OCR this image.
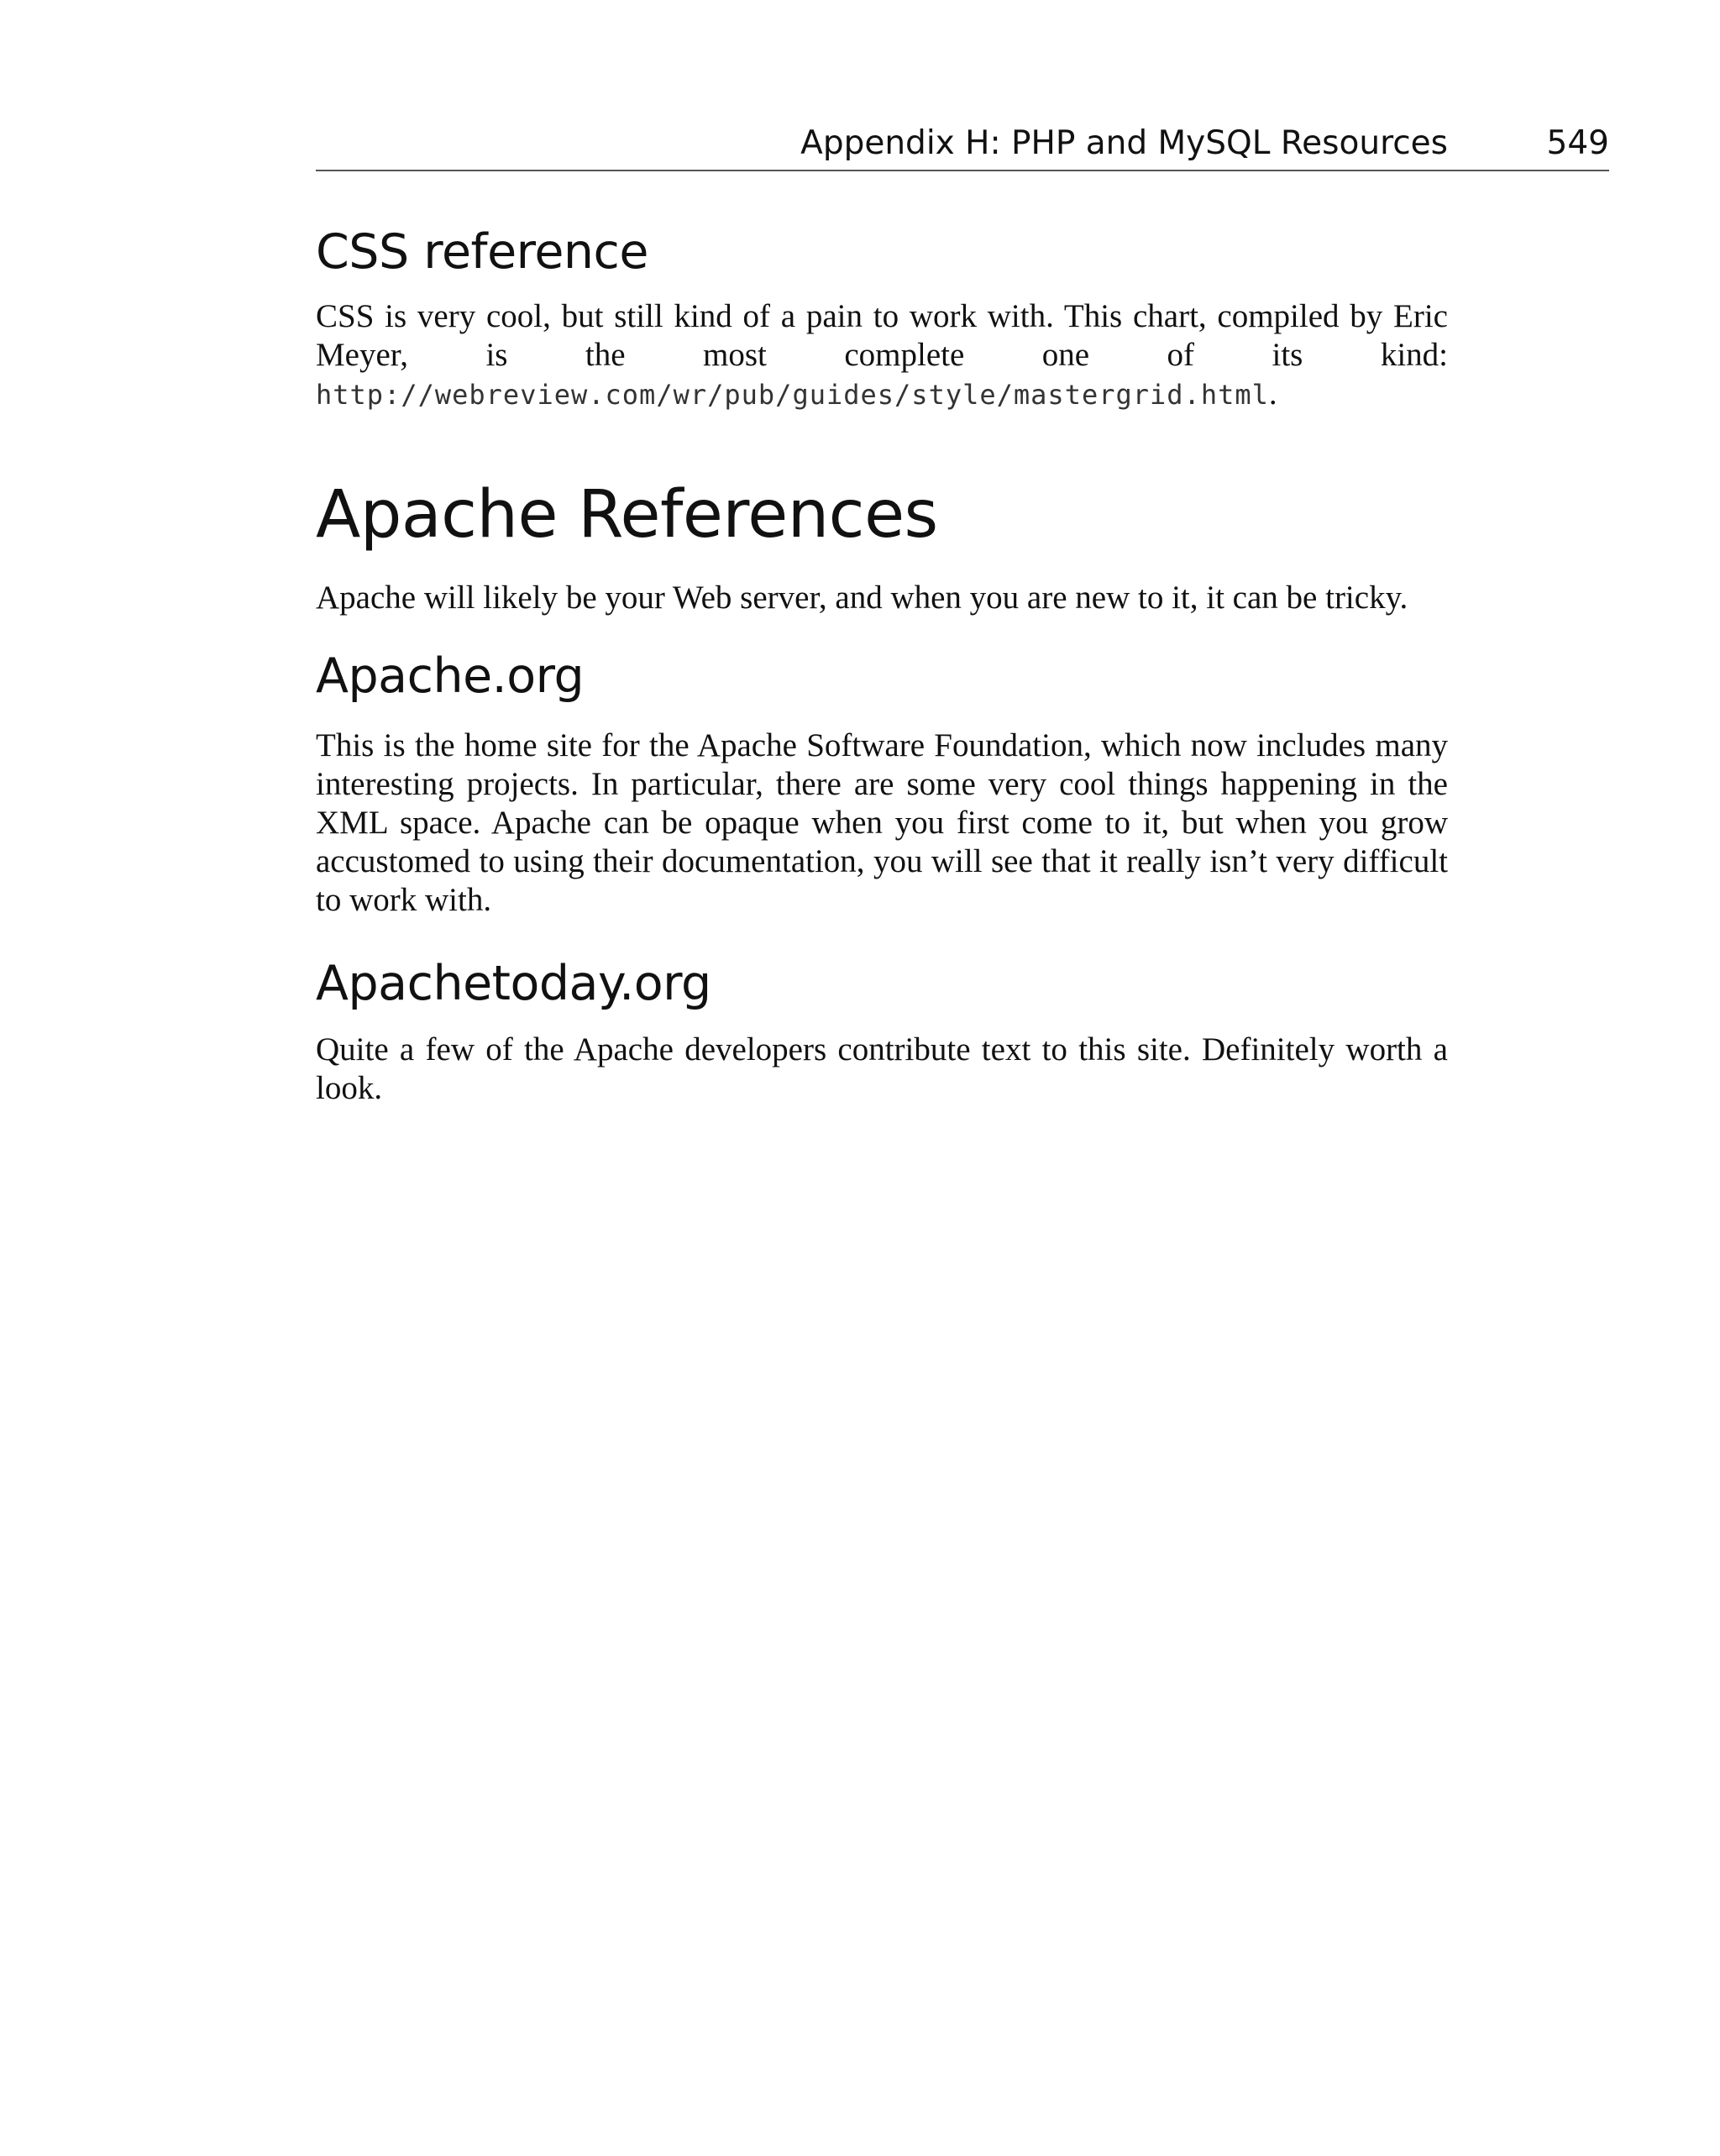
Appendix H: PHP and MySQL Resources	549
CSS reference

CSS is very cool, but still kind of a pain to work with. This chart, compiled by Eric Meyer, is the most complete one of its kind: http://webreview.com/wr/pub/guides/style/mastergrid.html.

Apache References

Apache will likely be your Web server, and when you are new to it, it can be tricky.

Apache.org

This is the home site for the Apache Software Foundation, which now includes many interesting projects. In particular, there are some very cool things happening in the XML space. Apache can be opaque when you first come to it, but when you grow accustomed to using their documentation, you will see that it really isn’t very difficult to work with.

Apachetoday.org

Quite a few of the Apache developers contribute text to this site. Definitely worth a look.
